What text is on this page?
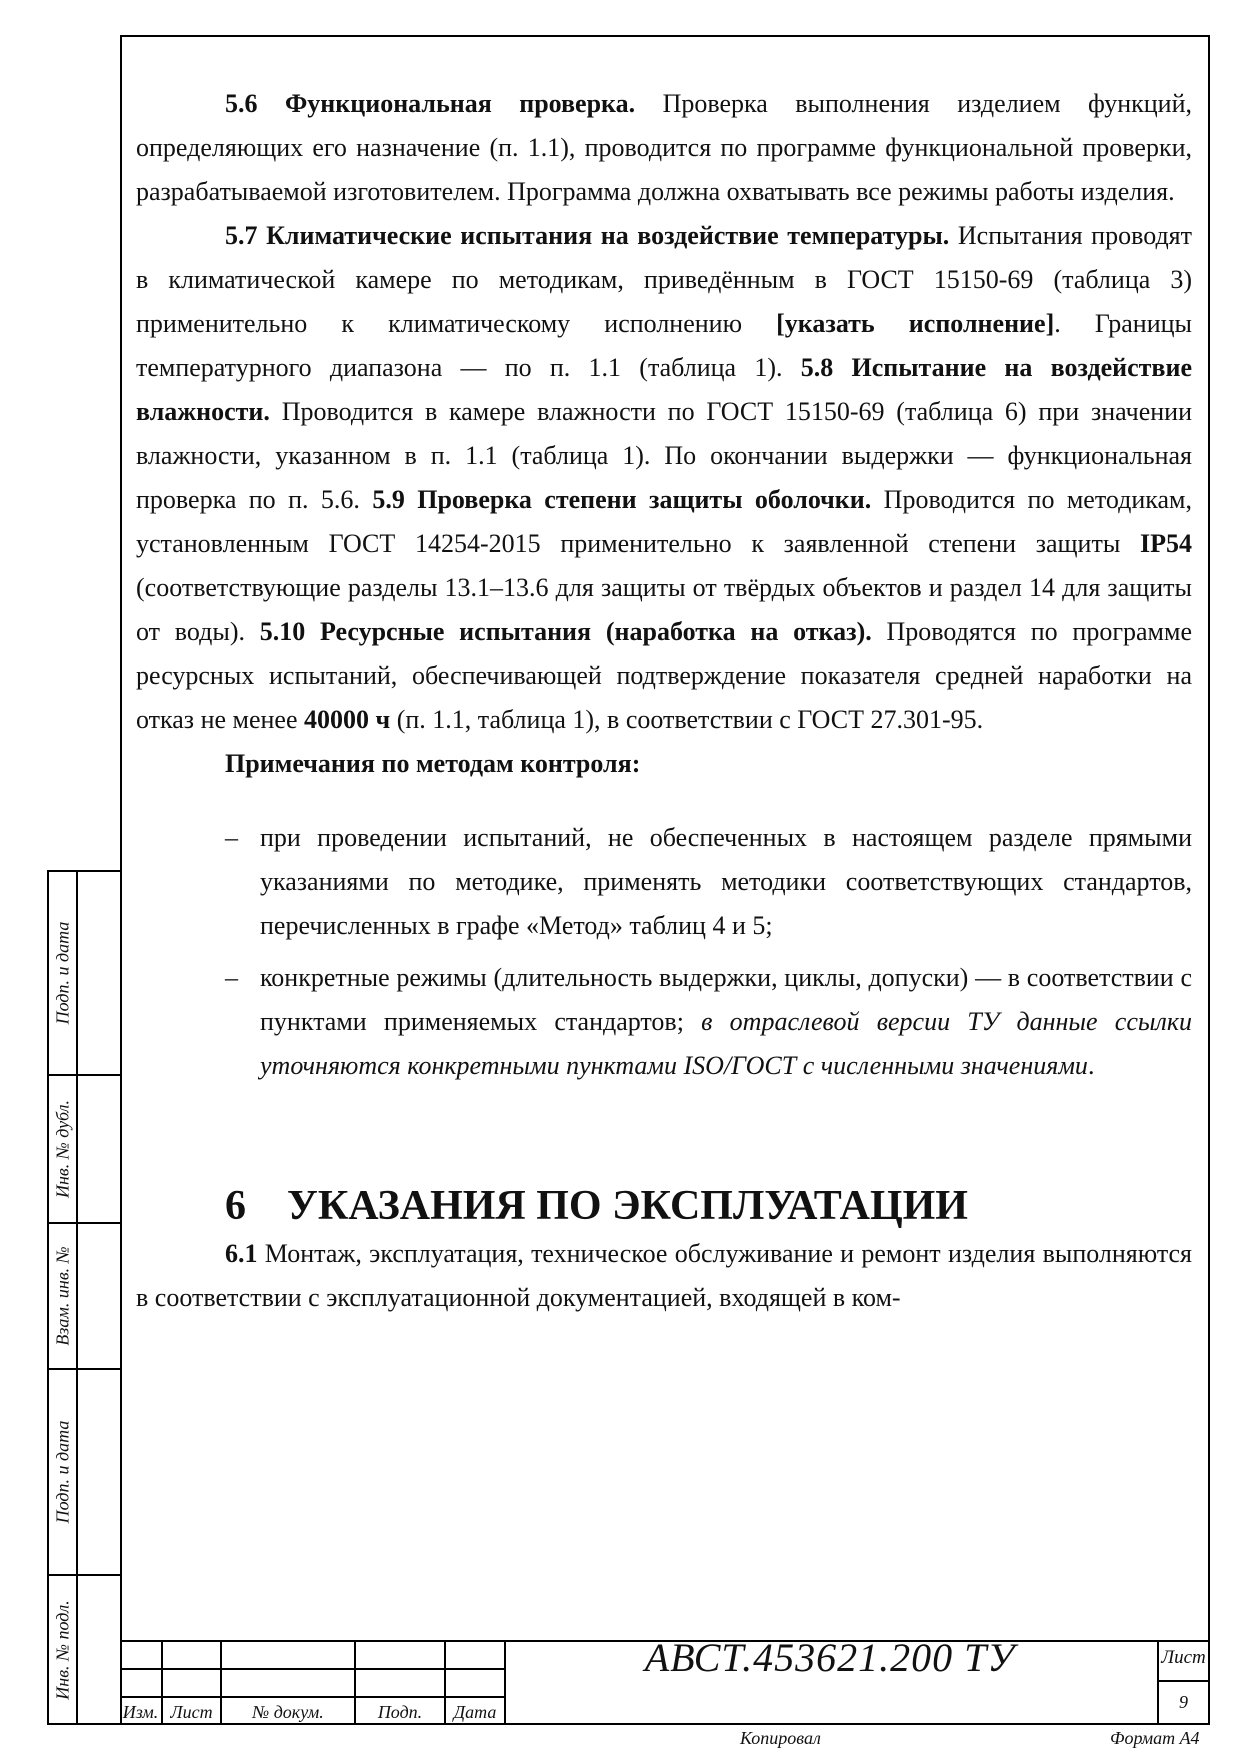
5.6 Функциональная проверка. Проверка выполнения изделием функций, определяющих его назначение (п. 1.1), проводится по программе функциональной проверки, разрабатываемой изготовителем. Программа должна охватывать все режимы работы изделия.

5.7 Климатические испытания на воздействие температуры. Испытания проводят в климатической камере по методикам, приведённым в ГОСТ 15150-69 (таблица 3) применительно к климатическому исполнению [указать исполнение]. Границы температурного диапазона — по п. 1.1 (таблица 1). 5.8 Испытание на воздействие влажности. Проводится в камере влажности по ГОСТ 15150-69 (таблица 6) при значении влажности, указанном в п. 1.1 (таблица 1). По окончании выдержки — функциональная проверка по п. 5.6. 5.9 Проверка степени защиты оболочки. Проводится по методикам, установленным ГОСТ 14254-2015 применительно к заявленной степени защиты IP54 (соответствующие разделы 13.1–13.6 для защиты от твёрдых объектов и раздел 14 для защиты от воды). 5.10 Ресурсные испытания (наработка на отказ). Проводятся по программе ресурсных испытаний, обеспечивающей подтверждение показателя средней наработки на отказ не менее 40000 ч (п. 1.1, таблица 1), в соответствии с ГОСТ 27.301-95.

Примечания по методам контроля:

– при проведении испытаний, не обеспеченных в настоящем разделе прямыми указаниями по методике, применять методики соответствующих стандартов, перечисленных в графе «Метод» таблиц 4 и 5;
– конкретные режимы (длительность выдержки, циклы, допуски) — в соответствии с пунктами применяемых стандартов; в отраслевой версии ТУ данные ссылки уточняются конкретными пунктами ISO/ГОСТ с численными значениями.
6 УКАЗАНИЯ ПО ЭКСПЛУАТАЦИИ

6.1 Монтаж, эксплуатация, техническое обслуживание и ремонт изделия выполняются в соответствии с эксплуатационной документацией, входящей в ком-

Подп. и дата
Инв. № дубл.
Взам. инв. №
Подп. и дата
Инв. № подл.
Изм. Лист	№ докум.	Подп.	Дата
АВСТ.453621.200 ТУ	Лист
9
Копировал	Формат А4
